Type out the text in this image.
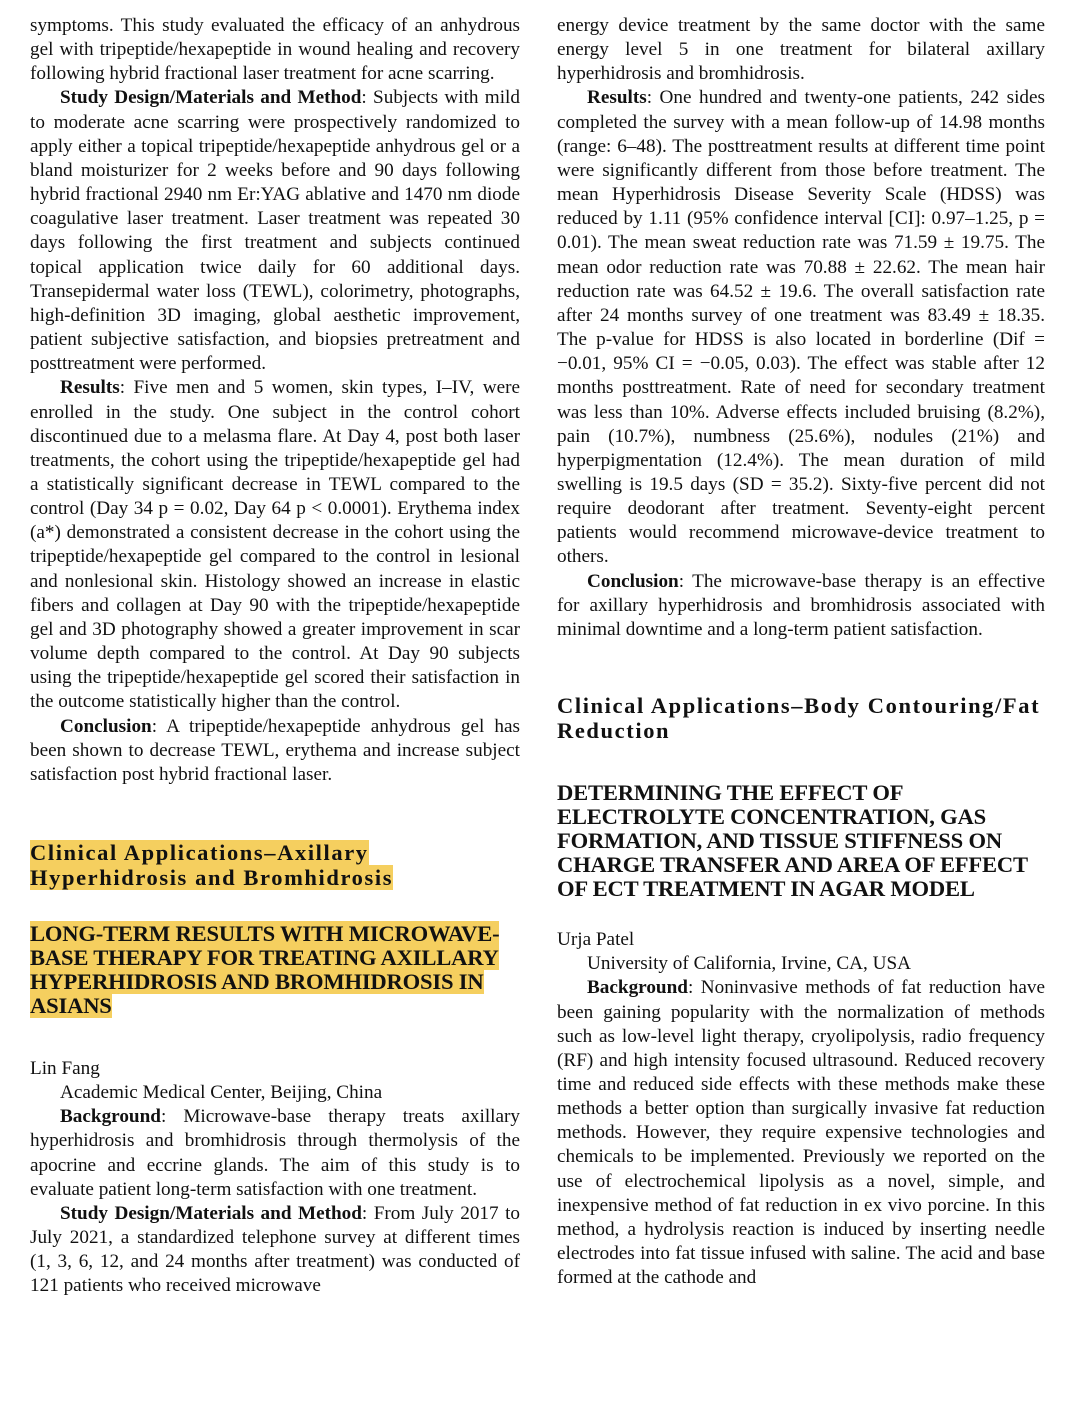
symptoms. This study evaluated the efficacy of an anhydrous gel with tripeptide/hexapeptide in wound healing and recovery following hybrid fractional laser treatment for acne scarring.

Study Design/Materials and Method: Subjects with mild to moderate acne scarring were prospectively randomized to apply either a topical tripeptide/hexapeptide anhydrous gel or a bland moisturizer for 2 weeks before and 90 days following hybrid fractional 2940 nm Er:YAG ablative and 1470 nm diode coagulative laser treatment. Laser treatment was repeated 30 days following the first treatment and subjects continued topical application twice daily for 60 additional days. Transepidermal water loss (TEWL), colorimetry, photographs, high-definition 3D imaging, global aesthetic improvement, patient subjective satisfaction, and biopsies pretreatment and posttreatment were performed.

Results: Five men and 5 women, skin types, I–IV, were enrolled in the study. One subject in the control cohort discontinued due to a melasma flare. At Day 4, post both laser treatments, the cohort using the tripeptide/hexapeptide gel had a statistically significant decrease in TEWL compared to the control (Day 34 p = 0.02, Day 64 p < 0.0001). Erythema index (a*) demonstrated a consistent decrease in the cohort using the tripeptide/hexapeptide gel compared to the control in lesional and nonlesional skin. Histology showed an increase in elastic fibers and collagen at Day 90 with the tripeptide/hexapeptide gel and 3D photography showed a greater improvement in scar volume depth compared to the control. At Day 90 subjects using the tripeptide/hexapeptide gel scored their satisfaction in the outcome statistically higher than the control.

Conclusion: A tripeptide/hexapeptide anhydrous gel has been shown to decrease TEWL, erythema and increase subject satisfaction post hybrid fractional laser.

Clinical Applications–Axillary Hyperhidrosis and Bromhidrosis
LONG-TERM RESULTS WITH MICROWAVE-BASE THERAPY FOR TREATING AXILLARY HYPERHIDROSIS AND BROMHIDROSIS IN ASIANS

Lin Fang

Academic Medical Center, Beijing, China

Background: Microwave-base therapy treats axillary hyperhidrosis and bromhidrosis through thermolysis of the apocrine and eccrine glands. The aim of this study is to evaluate patient long-term satisfaction with one treatment.

Study Design/Materials and Method: From July 2017 to July 2021, a standardized telephone survey at different times (1, 3, 6, 12, and 24 months after treatment) was conducted of 121 patients who received microwave

energy device treatment by the same doctor with the same energy level 5 in one treatment for bilateral axillary hyperhidrosis and bromhidrosis.

Results: One hundred and twenty-one patients, 242 sides completed the survey with a mean follow-up of 14.98 months (range: 6–48). The posttreatment results at different time point were significantly different from those before treatment. The mean Hyperhidrosis Disease Severity Scale (HDSS) was reduced by 1.11 (95% confidence interval [CI]: 0.97–1.25, p = 0.01). The mean sweat reduction rate was 71.59 ± 19.75. The mean odor reduction rate was 70.88 ± 22.62. The mean hair reduction rate was 64.52 ± 19.6. The overall satisfaction rate after 24 months survey of one treatment was 83.49 ± 18.35. The p-value for HDSS is also located in borderline (Dif = −0.01, 95% CI = −0.05, 0.03). The effect was stable after 12 months posttreatment. Rate of need for secondary treatment was less than 10%. Adverse effects included bruising (8.2%), pain (10.7%), numbness (25.6%), nodules (21%) and hyperpigmentation (12.4%). The mean duration of mild swelling is 19.5 days (SD = 35.2). Sixty-five percent did not require deodorant after treatment. Seventy-eight percent patients would recommend microwave-device treatment to others.

Conclusion: The microwave-base therapy is an effective for axillary hyperhidrosis and bromhidrosis associated with minimal downtime and a long-term patient satisfaction.

Clinical Applications–Body Contouring/Fat Reduction
DETERMINING THE EFFECT OF ELECTROLYTE CONCENTRATION, GAS FORMATION, AND TISSUE STIFFNESS ON CHARGE TRANSFER AND AREA OF EFFECT OF ECT TREATMENT IN AGAR MODEL

Urja Patel

University of California, Irvine, CA, USA

Background: Noninvasive methods of fat reduction have been gaining popularity with the normalization of methods such as low-level light therapy, cryolipolysis, radio frequency (RF) and high intensity focused ultrasound. Reduced recovery time and reduced side effects with these methods make these methods a better option than surgically invasive fat reduction methods. However, they require expensive technologies and chemicals to be implemented. Previously we reported on the use of electrochemical lipolysis as a novel, simple, and inexpensive method of fat reduction in ex vivo porcine. In this method, a hydrolysis reaction is induced by inserting needle electrodes into fat tissue infused with saline. The acid and base formed at the cathode and
